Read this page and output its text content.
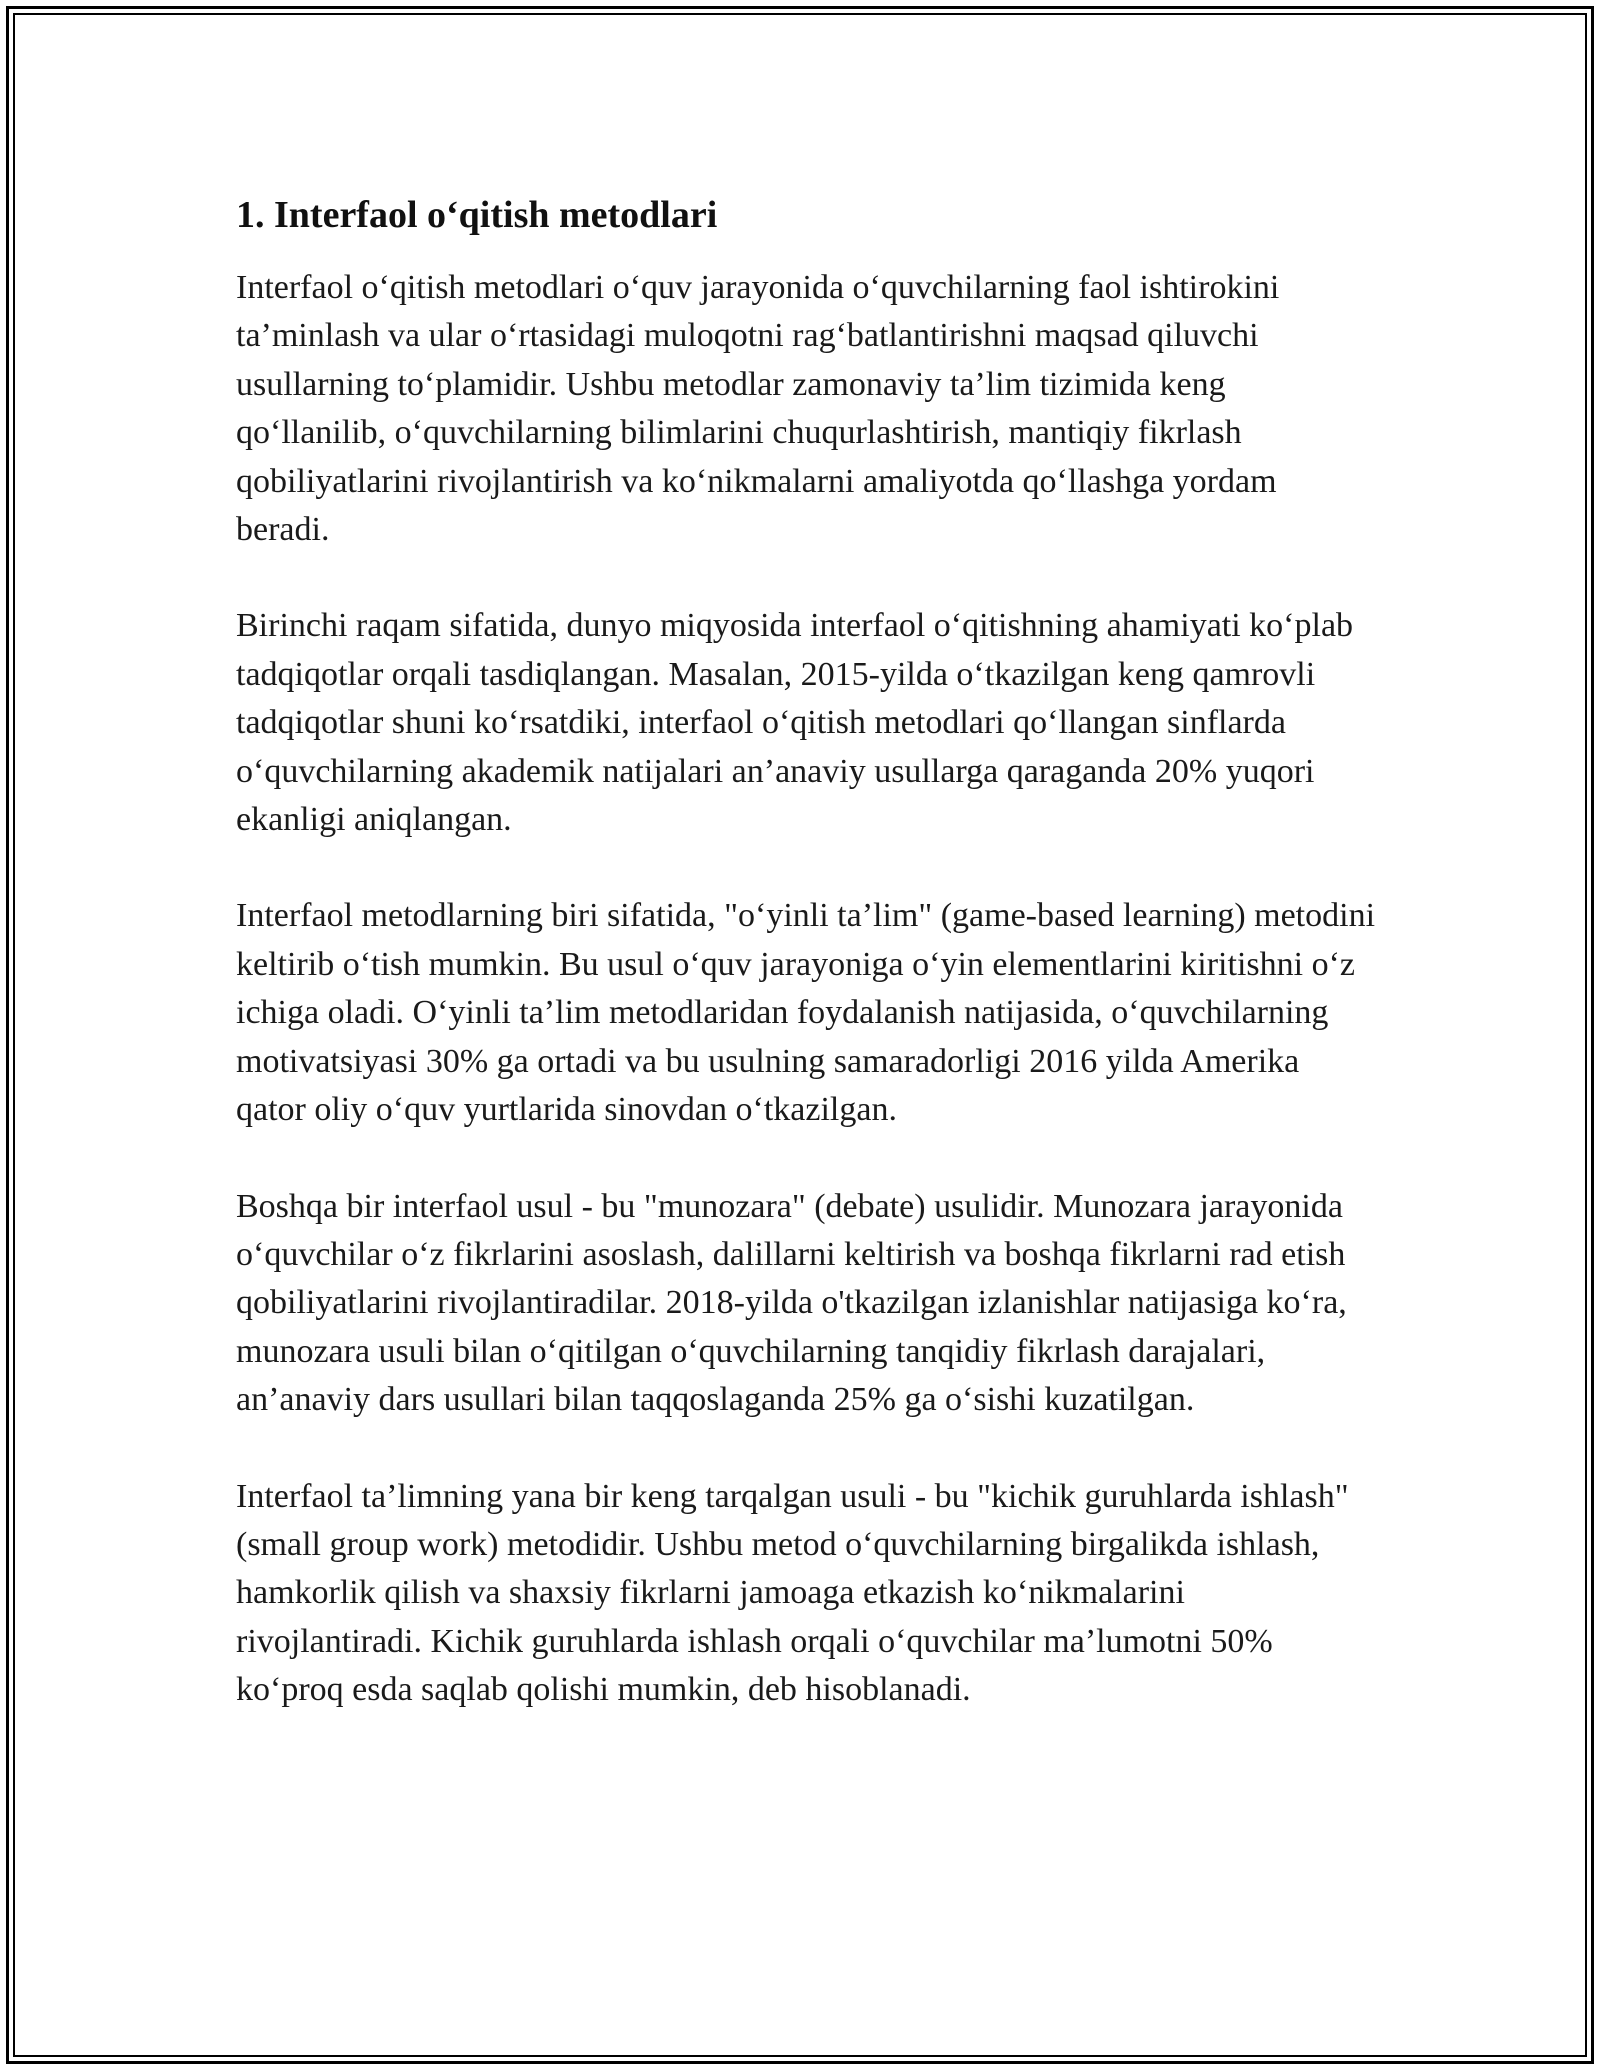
1. Interfaol o‘qitish metodlari

Interfaol o‘qitish metodlari o‘quv jarayonida o‘quvchilarning faol ishtirokini ta’minlash va ular o‘rtasidagi muloqotni rag‘batlantirishni maqsad qiluvchi usullarning to‘plamidir. Ushbu metodlar zamonaviy ta’lim tizimida keng qo‘llanilib, o‘quvchilarning bilimlarini chuqurlashtirish, mantiqiy fikrlash qobiliyatlarini rivojlantirish va ko‘nikmalarni amaliyotda qo‘llashga yordam beradi.

Birinchi raqam sifatida, dunyo miqyosida interfaol o‘qitishning ahamiyati ko‘plab tadqiqotlar orqali tasdiqlangan. Masalan, 2015-yilda o‘tkazilgan keng qamrovli tadqiqotlar shuni ko‘rsatdiki, interfaol o‘qitish metodlari qo‘llangan sinflarda o‘quvchilarning akademik natijalari an’anaviy usullarga qaraganda 20% yuqori ekanligi aniqlangan.

Interfaol metodlarning biri sifatida, "o‘yinli ta’lim" (game-based learning) metodini keltirib o‘tish mumkin. Bu usul o‘quv jarayoniga o‘yin elementlarini kiritishni o‘z ichiga oladi. O‘yinli ta’lim metodlaridan foydalanish natijasida, o‘quvchilarning motivatsiyasi 30% ga ortadi va bu usulning samaradorligi 2016 yilda Amerika qator oliy o‘quv yurtlarida sinovdan o‘tkazilgan.

Boshqa bir interfaol usul - bu "munozara" (debate) usulidir. Munozara jarayonida o‘quvchilar o‘z fikrlarini asoslash, dalillarni keltirish va boshqa fikrlarni rad etish qobiliyatlarini rivojlantiradilar. 2018-yilda o'tkazilgan izlanishlar natijasiga ko‘ra, munozara usuli bilan o‘qitilgan o‘quvchilarning tanqidiy fikrlash darajalari, an’anaviy dars usullari bilan taqqoslaganda 25% ga o‘sishi kuzatilgan.

Interfaol ta’limning yana bir keng tarqalgan usuli - bu "kichik guruhlarda ishlash" (small group work) metodidir. Ushbu metod o‘quvchilarning birgalikda ishlash, hamkorlik qilish va shaxsiy fikrlarni jamoaga etkazish ko‘nikmalarini rivojlantiradi. Kichik guruhlarda ishlash orqali o‘quvchilar ma’lumotni 50% ko‘proq esda saqlab qolishi mumkin, deb hisoblanadi.
